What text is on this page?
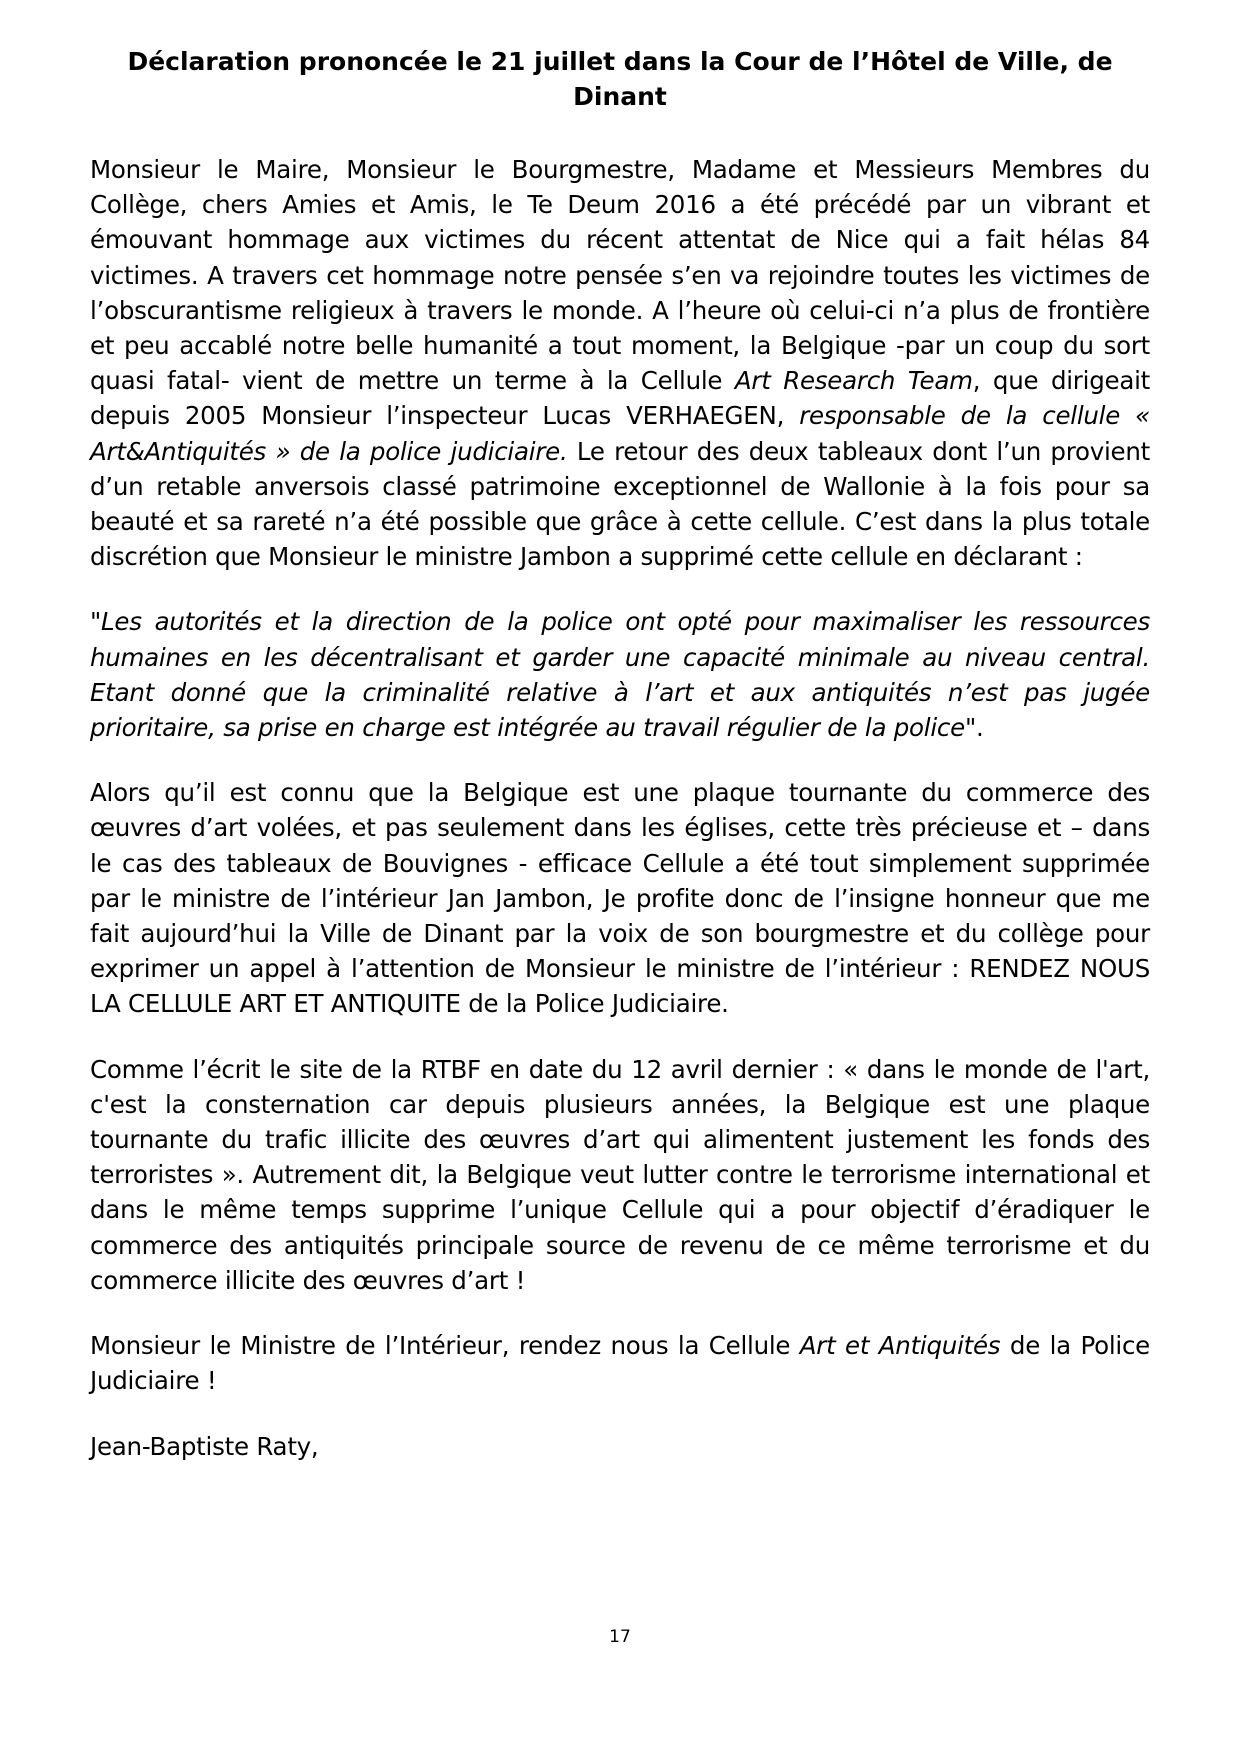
Déclaration prononcée le 21 juillet dans la Cour de l’Hôtel de Ville, de Dinant

Monsieur le Maire, Monsieur le Bourgmestre, Madame et Messieurs Membres du Collège, chers Amies et Amis, le Te Deum 2016 a été précédé par un vibrant et émouvant hommage aux victimes du récent attentat de Nice qui a fait hélas 84 victimes. A travers cet hommage notre pensée s’en va rejoindre toutes les victimes de l’obscurantisme religieux à travers le monde. A l’heure où celui-ci n’a plus de frontière et peu accablé notre belle humanité a tout moment, la Belgique -par un coup du sort quasi fatal- vient de mettre un terme à la Cellule Art Research Team, que dirigeait depuis 2005 Monsieur l’inspecteur Lucas VERHAEGEN, responsable de la cellule « Art&Antiquités » de la police judiciaire. Le retour des deux tableaux dont l’un provient d’un retable anversois classé patrimoine exceptionnel de Wallonie à la fois pour sa beauté et sa rareté n’a été possible que grâce à cette cellule. C’est dans la plus totale discrétion que Monsieur le ministre Jambon a supprimé cette cellule en déclarant :

"Les autorités et la direction de la police ont opté pour maximaliser les ressources humaines en les décentralisant et garder une capacité minimale au niveau central. Etant donné que la criminalité relative à l’art et aux antiquités n’est pas jugée prioritaire, sa prise en charge est intégrée au travail régulier de la police".

Alors qu’il est connu que la Belgique est une plaque tournante du commerce des œuvres d’art volées, et pas seulement dans les églises, cette très précieuse et – dans le cas des tableaux de Bouvignes - efficace Cellule a été tout simplement supprimée par le ministre de l’intérieur Jan Jambon, Je profite donc de l’insigne honneur que me fait aujourd’hui la Ville de Dinant par la voix de son bourgmestre et du collège pour exprimer un appel à l’attention de Monsieur le ministre de l’intérieur : RENDEZ NOUS LA CELLULE ART ET ANTIQUITE de la Police Judiciaire.

Comme l’écrit le site de la RTBF en date du 12 avril dernier : « dans le monde de l'art, c'est la consternation car depuis plusieurs années, la Belgique est une plaque tournante du trafic illicite des œuvres d’art qui alimentent justement les fonds des terroristes ». Autrement dit, la Belgique veut lutter contre le terrorisme international et dans le même temps supprime l’unique Cellule qui a pour objectif d’éradiquer le commerce des antiquités principale source de revenu de ce même terrorisme et du commerce illicite des œuvres d’art !

Monsieur le Ministre de l’Intérieur, rendez nous la Cellule Art et Antiquités de la Police Judiciaire !

Jean-Baptiste Raty,

17
